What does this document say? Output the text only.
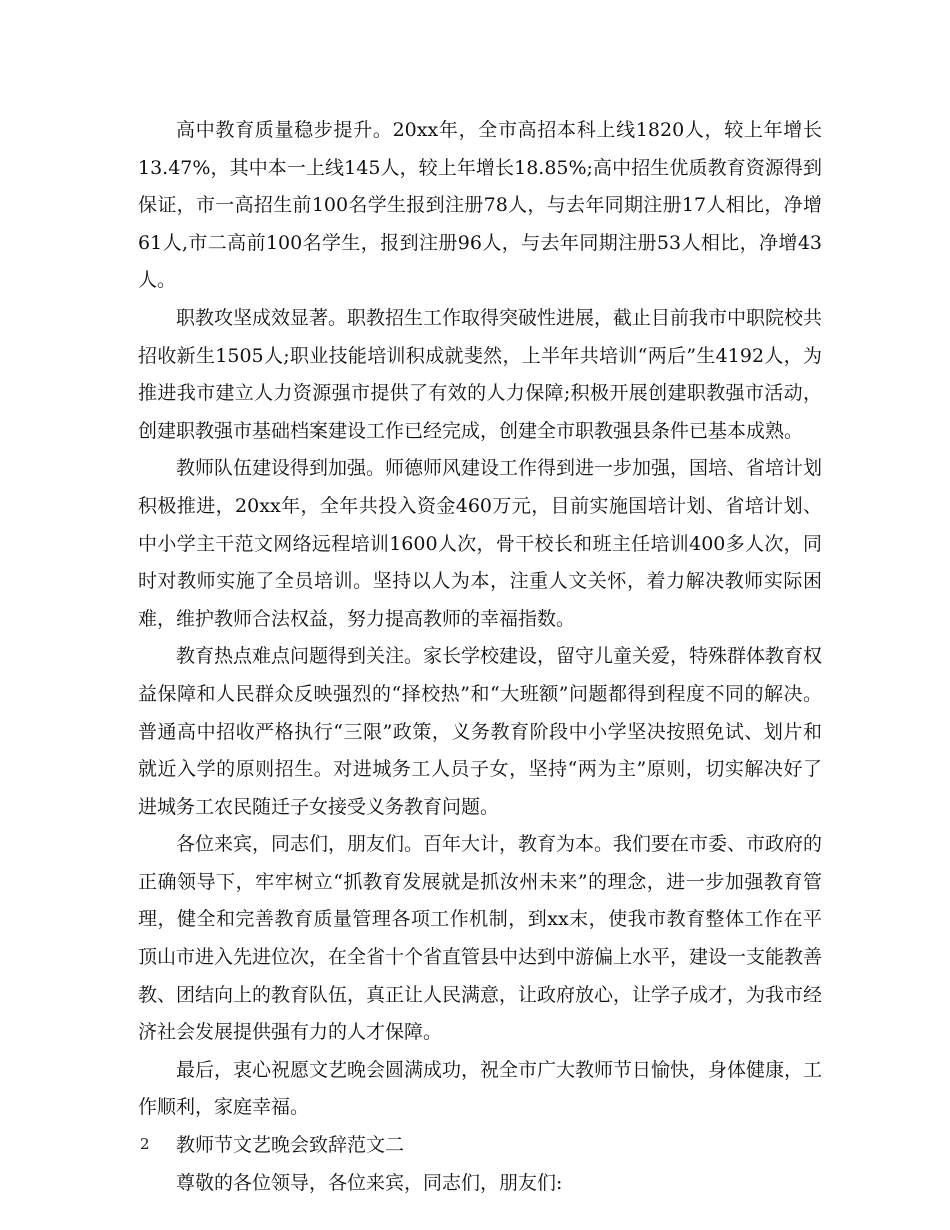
高中教育质量稳步提升。20xx年，全市高招本科上线1820人，较上年增长13.47%，其中本一上线145人，较上年增长18.85%;高中招生优质教育资源得到保证，市一高招生前100名学生报到注册78人，与去年同期注册17人相比，净增61人,市二高前100名学生，报到注册96人，与去年同期注册53人相比，净增43人。

职教攻坚成效显著。职教招生工作取得突破性进展，截止目前我市中职院校共招收新生1505人;职业技能培训积成就斐然，上半年共培训“两后”生4192人，为推进我市建立人力资源强市提供了有效的人力保障;积极开展创建职教强市活动，创建职教强市基础档案建设工作已经完成，创建全市职教强县条件已基本成熟。

教师队伍建设得到加强。师德师风建设工作得到进一步加强，国培、省培计划积极推进，20xx年，全年共投入资金460万元，目前实施国培计划、省培计划、中小学主干范文网络远程培训1600人次，骨干校长和班主任培训400多人次，同时对教师实施了全员培训。坚持以人为本，注重人文关怀，着力解决教师实际困难，维护教师合法权益，努力提高教师的幸福指数。

教育热点难点问题得到关注。家长学校建设，留守儿童关爱，特殊群体教育权益保障和人民群众反映强烈的“择校热”和“大班额”问题都得到程度不同的解决。普通高中招收严格执行“三限”政策，义务教育阶段中小学坚决按照免试、划片和就近入学的原则招生。对进城务工人员子女，坚持“两为主”原则，切实解决好了进城务工农民随迁子女接受义务教育问题。

各位来宾，同志们，朋友们。百年大计，教育为本。我们要在市委、市政府的正确领导下，牢牢树立“抓教育发展就是抓汝州未来”的理念，进一步加强教育管理，健全和完善教育质量管理各项工作机制，到xx末，使我市教育整体工作在平顶山市进入先进位次，在全省十个省直管县中达到中游偏上水平，建设一支能教善教、团结向上的教育队伍，真正让人民满意，让政府放心，让学子成才，为我市经济社会发展提供强有力的人才保障。

最后，衷心祝愿文艺晚会圆满成功，祝全市广大教师节日愉快，身体健康，工作顺利，家庭幸福。

教师节文艺晚会致辞范文二

尊敬的各位领导，各位来宾，同志们，朋友们:

2
